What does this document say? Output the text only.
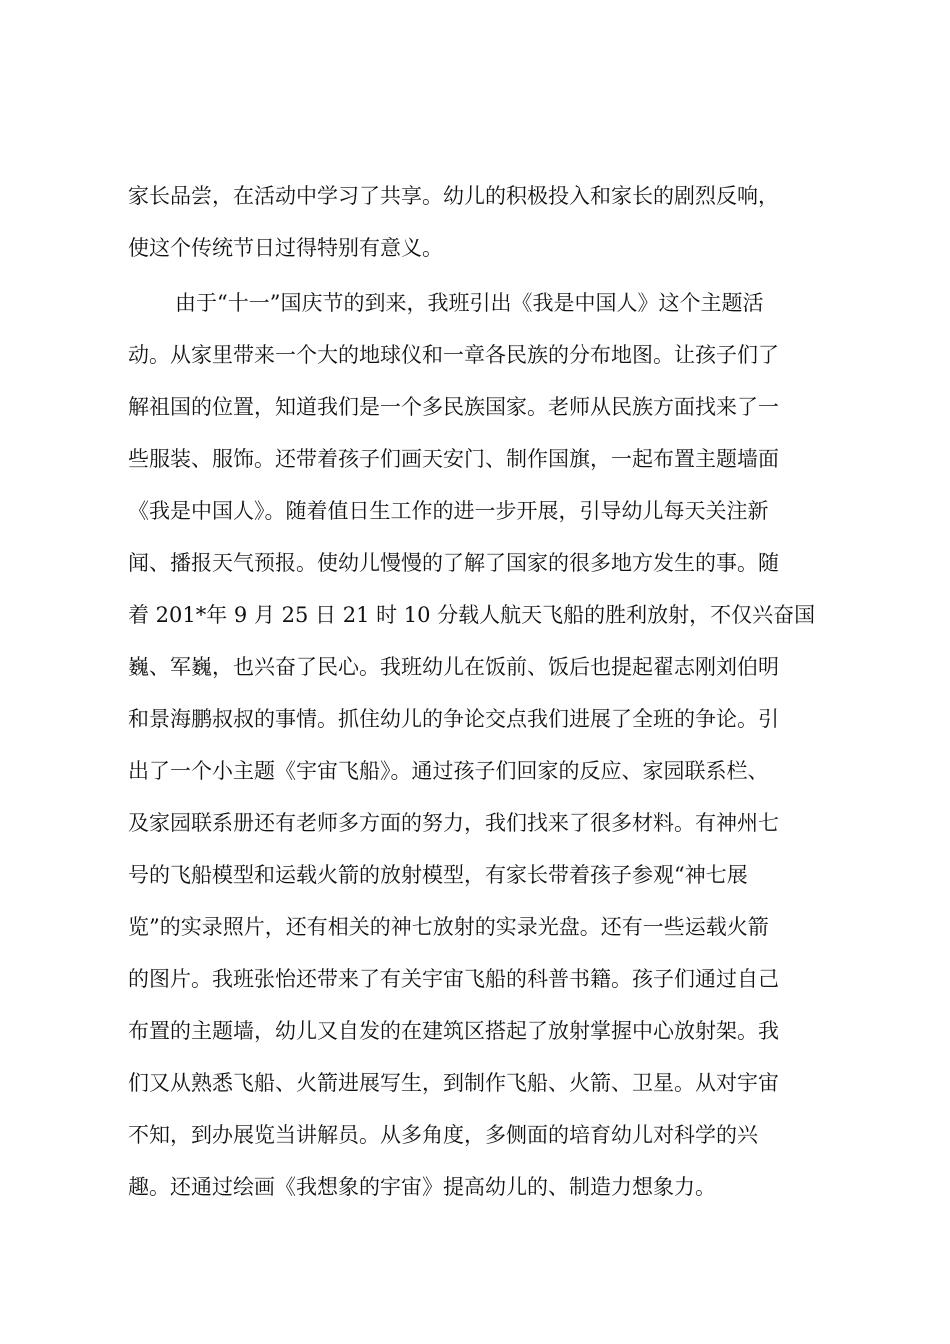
家长品尝，在活动中学习了共享。幼儿的积极投入和家长的剧烈反响，
使这个传统节日过得特别有意义。
由于“十一”国庆节的到来，我班引出《我是中国人》这个主题活
动。从家里带来一个大的地球仪和一章各民族的分布地图。让孩子们了
解祖国的位置，知道我们是一个多民族国家。老师从民族方面找来了一
些服装、服饰。还带着孩子们画天安门、制作国旗，一起布置主题墙面
《我是中国人》。随着值日生工作的进一步开展，引导幼儿每天关注新
闻、播报天气预报。使幼儿慢慢的了解了国家的很多地方发生的事。随
着 201*年 9 月 25 日 21 时 10 分载人航天飞船的胜利放射，不仅兴奋国
巍、军巍，也兴奋了民心。我班幼儿在饭前、饭后也提起翟志刚刘伯明
和景海鹏叔叔的事情。抓住幼儿的争论交点我们进展了全班的争论。引
出了一个小主题《宇宙飞船》。通过孩子们回家的反应、家园联系栏、
及家园联系册还有老师多方面的努力，我们找来了很多材料。有神州七
号的飞船模型和运载火箭的放射模型，有家长带着孩子参观“神七展
览”的实录照片，还有相关的神七放射的实录光盘。还有一些运载火箭
的图片。我班张怡还带来了有关宇宙飞船的科普书籍。孩子们通过自己
布置的主题墙，幼儿又自发的在建筑区搭起了放射掌握中心放射架。我
们又从熟悉飞船、火箭进展写生，到制作飞船、火箭、卫星。从对宇宙
不知，到办展览当讲解员。从多角度，多侧面的培育幼儿对科学的兴
趣。还通过绘画《我想象的宇宙》提高幼儿的、制造力想象力。
